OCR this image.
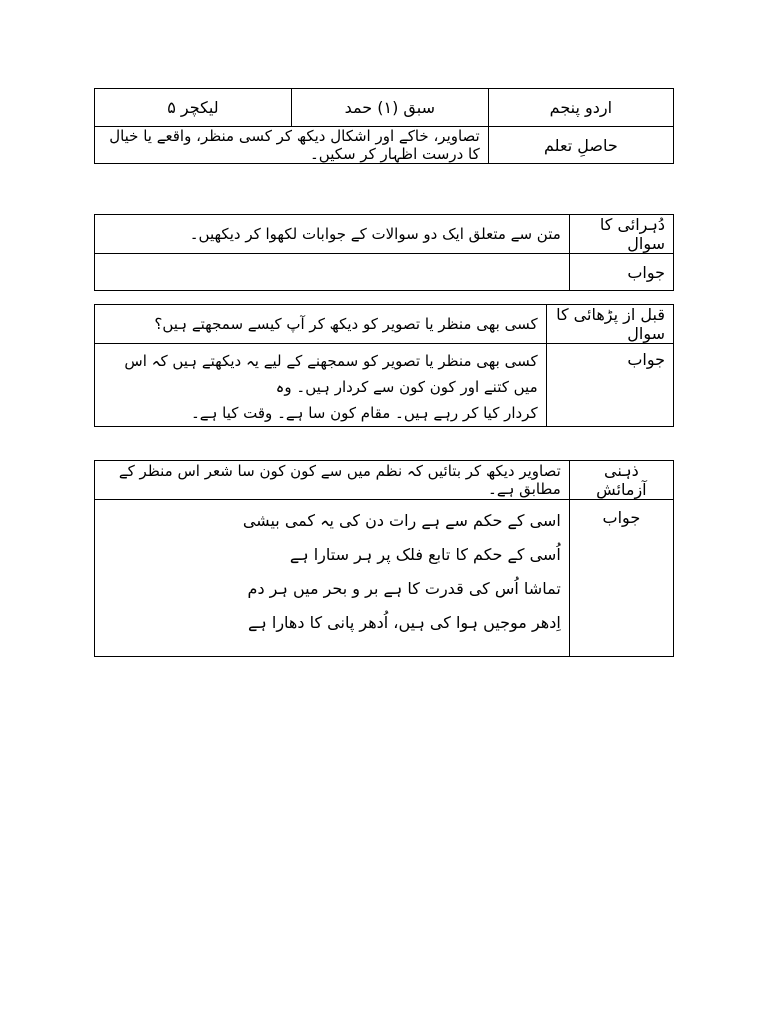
اردو پنجم	سبق (۱) حمد	لیکچر ۵
حاصلِ تعلم	تصاویر، خاکے اور اشکال دیکھ کر کسی منظر، واقعے یا خیال کا درست اظہار کر سکیں۔	
دُہرائی کا سوال	متن سے متعلق ایک دو سوالات کے جوابات لکھوا کر دیکھیں۔
جواب	
قبل از پڑھائی کا سوال	کسی بھی منظر یا تصویر کو دیکھ کر آپ کیسے سمجھتے ہیں؟
جواب	کسی بھی منظر یا تصویر کو سمجھنے کے لیے یہ دیکھتے ہیں کہ اس میں کتنے اور کون کون سے کردار ہیں۔ وہ
کردار کیا کر رہے ہیں۔ مقام کون سا ہے۔ وقت کیا ہے۔
ذہنی آزمائش	تصاویر دیکھ کر بتائیں کہ نظم میں سے کون کون سا شعر اس منظر کے مطابق ہے۔
جواب	اسی کے حکم سے ہے رات دن کی یہ کمی بیشی
اُسی کے حکم کا تابع فلک پر ہر ستارا ہے
تماشا اُس کی قدرت کا ہے بر و بحر میں ہر دم
اِدھر موجیں ہوا کی ہیں، اُدھر پانی کا دھارا ہے
